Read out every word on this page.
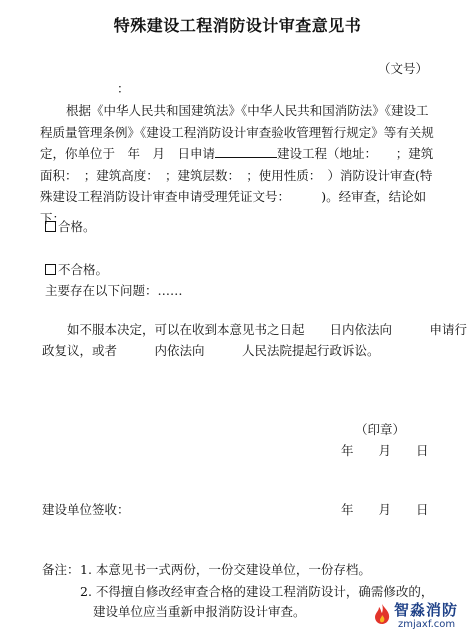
特殊建设工程消防设计审查意见书
（文号）
：
根据《中华人民共和国建筑法》《中华人民共和国消防法》《建设工程质量管理条例》《建设工程消防设计审查验收管理暂行规定》等有关规定，你单位于　年　月　日申请	建设工程（地址：　　；建筑面积：　；建筑高度：　；建筑层数：　；使用性质：　）消防设计审查(特殊建设工程消防设计审查申请受理凭证文号：　　　)。经审查，结论如下：
合格。
不合格。
主要存在以下问题：……
如不服本决定，可以在收到本意见书之日起　　日内依法向　　　申请行
政复议，或者　　　内依法向　　　人民法院提起行政诉讼。
（印章）
年　　月　　日
建设单位签收：	年　　月　　日
备注： 1. 本意见书一式两份，一份交建设单位，一份存档。
2. 不得擅自修改经审查合格的建设工程消防设计，确需修改的，
建设单位应当重新申报消防设计审查。	智淼消防
zmjaxf.com
